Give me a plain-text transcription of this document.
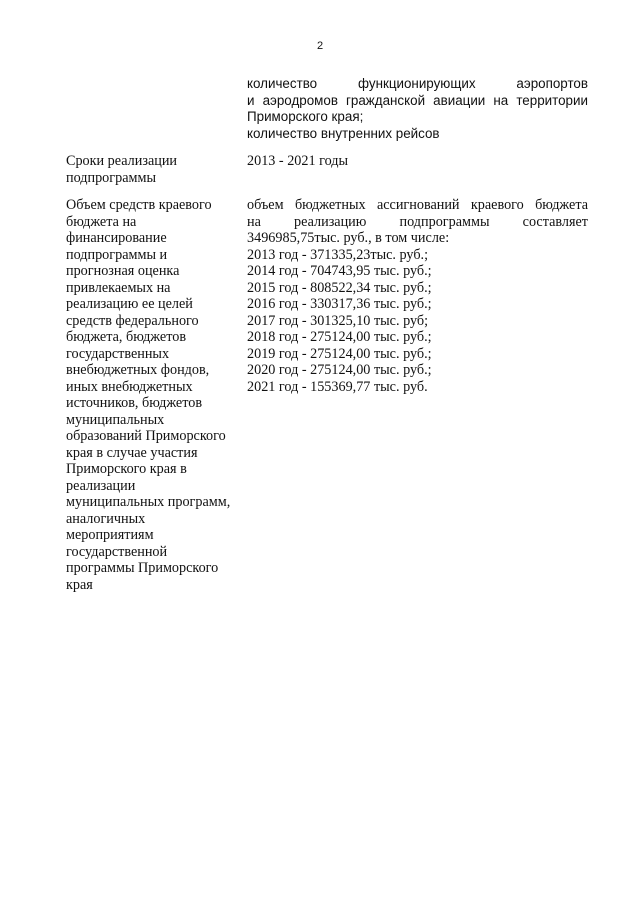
2
количество	функционирующих	аэропортов
и аэродромов гражданской авиации на территории
Приморского края;
количество внутренних рейсов
Сроки реализации
подпрограммы
2013 - 2021 годы
Объем средств краевого
бюджета на
финансирование
подпрограммы и
прогнозная оценка
привлекаемых на
реализацию ее целей
средств федерального
бюджета, бюджетов
государственных
внебюджетных фондов,
иных внебюджетных
источников, бюджетов
муниципальных
образований Приморского
края в случае участия
Приморского края в
реализации
муниципальных программ,
аналогичных
мероприятиям
государственной
программы Приморского
края
объем бюджетных ассигнований краевого бюджета
на реализацию подпрограммы составляет
3496985,75тыс. руб., в том числе:
2013 год - 371335,23тыс. руб.;
2014 год - 704743,95 тыс. руб.;
2015 год - 808522,34 тыс. руб.;
2016 год - 330317,36 тыс. руб.;
2017 год - 301325,10 тыс. руб;
2018 год - 275124,00 тыс. руб.;
2019 год - 275124,00 тыс. руб.;
2020 год - 275124,00 тыс. руб.;
2021 год - 155369,77 тыс. руб.
